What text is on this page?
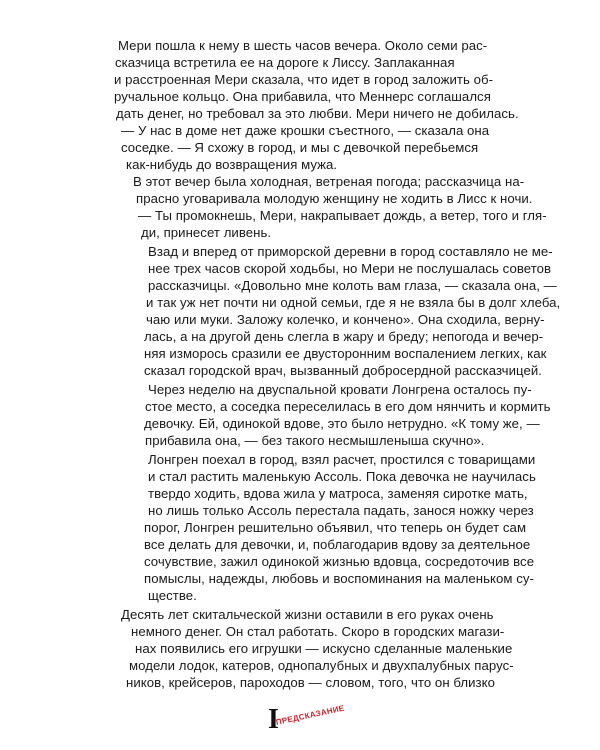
Мери пошла к нему в шесть часов вечера. Около семи рас-
сказчица встретила ее на дороге к Лиссу. Заплаканная
и расстроенная Мери сказала, что идет в город заложить об-
ручальное кольцо. Она прибавила, что Меннерс соглашался
дать денег, но требовал за это любви. Мери ничего не добилась.
— У нас в доме нет даже крошки съестного, — сказала она
соседке. — Я схожу в город, и мы с девочкой перебьемся
как-нибудь до возвращения мужа.
В этот вечер была холодная, ветреная погода; рассказчица на-
прасно уговаривала молодую женщину не ходить в Лисс к ночи.
— Ты промокнешь, Мери, накрапывает дождь, а ветер, того и гля-
ди, принесет ливень.
Взад и вперед от приморской деревни в город составляло не ме-
нее трех часов скорой ходьбы, но Мери не послушалась советов
рассказчицы. «Довольно мне колоть вам глаза, — сказала она, —
и так уж нет почти ни одной семьи, где я не взяла бы в долг хлеба,
чаю или муки. Заложу колечко, и кончено». Она сходила, верну-
лась, а на другой день слегла в жару и бреду; непогода и вечер-
няя изморось сразили ее двусторонним воспалением легких, как
сказал городской врач, вызванный добросердной рассказчицей.
Через неделю на двуспальной кровати Лонгрена осталось пу-
стое место, а соседка переселилась в его дом нянчить и кормить
девочку. Ей, одинокой вдове, это было нетрудно. «К тому же, —
прибавила она, — без такого несмышленыша скучно».
Лонгрен поехал в город, взял расчет, простился с товарищами
и стал растить маленькую Ассоль. Пока девочка не научилась
твердо ходить, вдова жила у матроса, заменяя сиротке мать,
но лишь только Ассоль перестала падать, занося ножку через
порог, Лонгрен решительно объявил, что теперь он будет сам
все делать для девочки, и, поблагодарив вдову за деятельное
сочувствие, зажил одинокой жизнью вдовца, сосредоточив все
помыслы, надежды, любовь и воспоминания на маленьком су-
ществе.
Десять лет скитальческой жизни оставили в его руках очень
немного денег. Он стал работать. Скоро в городских магази-
нах появились его игрушки — искусно сделанные маленькие
модели лодок, катеров, однопалубных и двухпалубных парус-
ников, крейсеров, пароходов — словом, того, что он близко
I
ПРЕДСКАЗАНИЕ
